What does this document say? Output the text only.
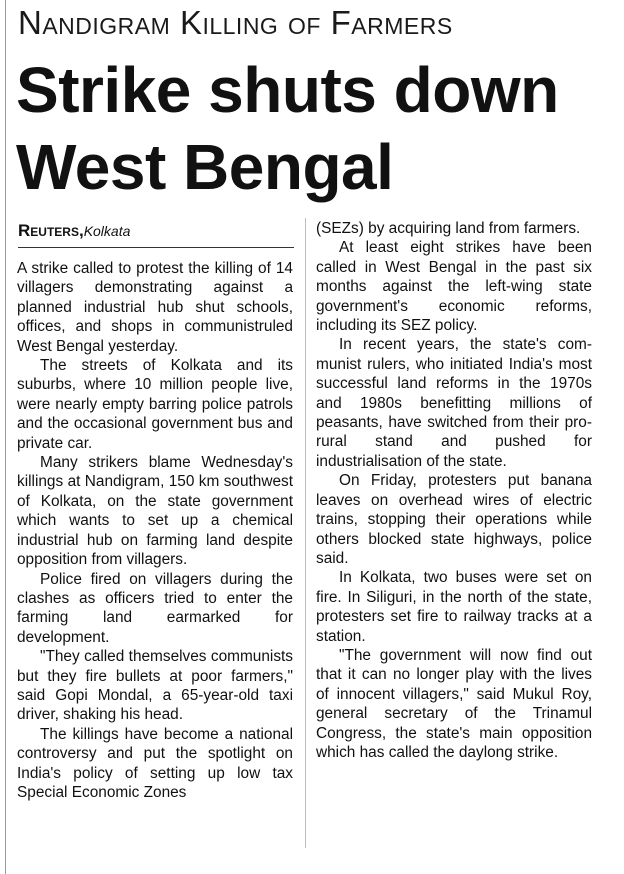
Nandigram Killing of Farmers
Strike shuts down
West Bengal
Reuters,Kolkata

A strike called to protest the killing of 14 villagers demonstrating against a planned industrial hub shut schools, offices, and shops in communistruled West Bengal yesterday.

The streets of Kolkata and its suburbs, where 10 million people live, were nearly empty barring police patrols and the occasional government bus and private car.

Many strikers blame Wednesday's killings at Nandigram, 150 km southwest of Kolkata, on the state government which wants to set up a chemical industrial hub on farming land despite opposition from villagers.

Police fired on villagers during the clashes as officers tried to enter the farming land earmarked for development.

"They called themselves communists but they fire bullets at poor farmers," said Gopi Mondal, a 65-year-old taxi driver, shaking his head.

The killings have become a national controversy and put the spotlight on India's policy of setting up low tax Special Economic Zones

(SEZs) by acquiring land from farmers.

At least eight strikes have been called in West Bengal in the past six months against the left-wing state government's economic reforms, including its SEZ policy.

In recent years, the state's communist rulers, who initiated India's most successful land reforms in the 1970s and 1980s benefitting millions of peasants, have switched from their pro-rural stand and pushed for industrialisation of the state.

On Friday, protesters put banana leaves on overhead wires of electric trains, stopping their operations while others blocked state highways, police said.

In Kolkata, two buses were set on fire. In Siliguri, in the north of the state, protesters set fire to railway tracks at a station.

"The government will now find out that it can no longer play with the lives of innocent villagers," said Mukul Roy, general secretary of the Trinamul Congress, the state's main opposition which has called the daylong strike.
